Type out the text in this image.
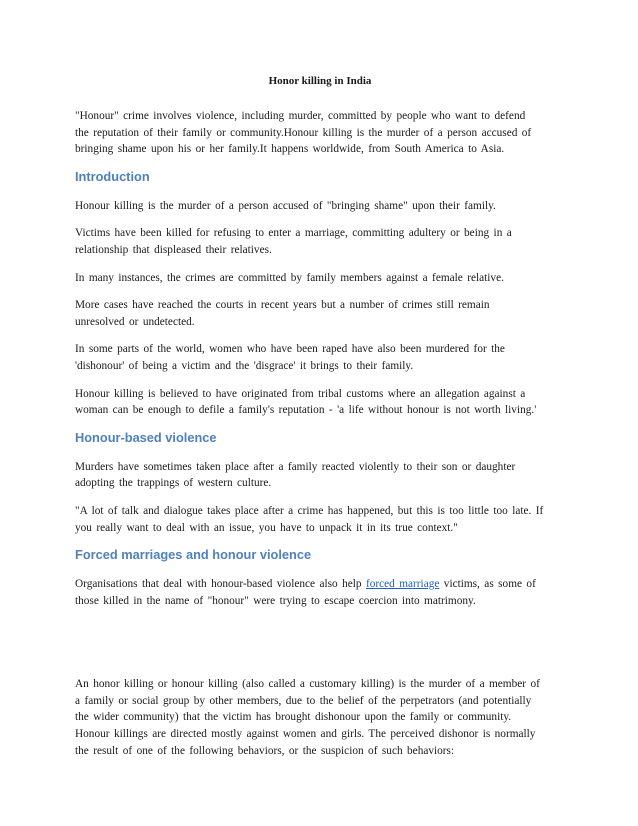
Honor killing in India

"Honour" crime involves violence, including murder, committed by people who want to defend
the reputation of their family or community.Honour killing is the murder of a person accused of
bringing shame upon his or her family.It happens worldwide, from South America to Asia.

Introduction

Honour killing is the murder of a person accused of "bringing shame" upon their family.

Victims have been killed for refusing to enter a marriage, committing adultery or being in a
relationship that displeased their relatives.

In many instances, the crimes are committed by family members against a female relative.

More cases have reached the courts in recent years but a number of crimes still remain
unresolved or undetected.

In some parts of the world, women who have been raped have also been murdered for the
'dishonour' of being a victim and the 'disgrace' it brings to their family.

Honour killing is believed to have originated from tribal customs where an allegation against a
woman can be enough to defile a family's reputation - 'a life without honour is not worth living.'

Honour-based violence

Murders have sometimes taken place after a family reacted violently to their son or daughter
adopting the trappings of western culture.

"A lot of talk and dialogue takes place after a crime has happened, but this is too little too late. If
you really want to deal with an issue, you have to unpack it in its true context."

Forced marriages and honour violence

Organisations that deal with honour-based violence also help forced marriage victims, as some of
those killed in the name of "honour" were trying to escape coercion into matrimony.

An honor killing or honour killing (also called a customary killing) is the murder of a member of
a family or social group by other members, due to the belief of the perpetrators (and potentially
the wider community) that the victim has brought dishonour upon the family or community.
Honour killings are directed mostly against women and girls. The perceived dishonor is normally
the result of one of the following behaviors, or the suspicion of such behaviors:
